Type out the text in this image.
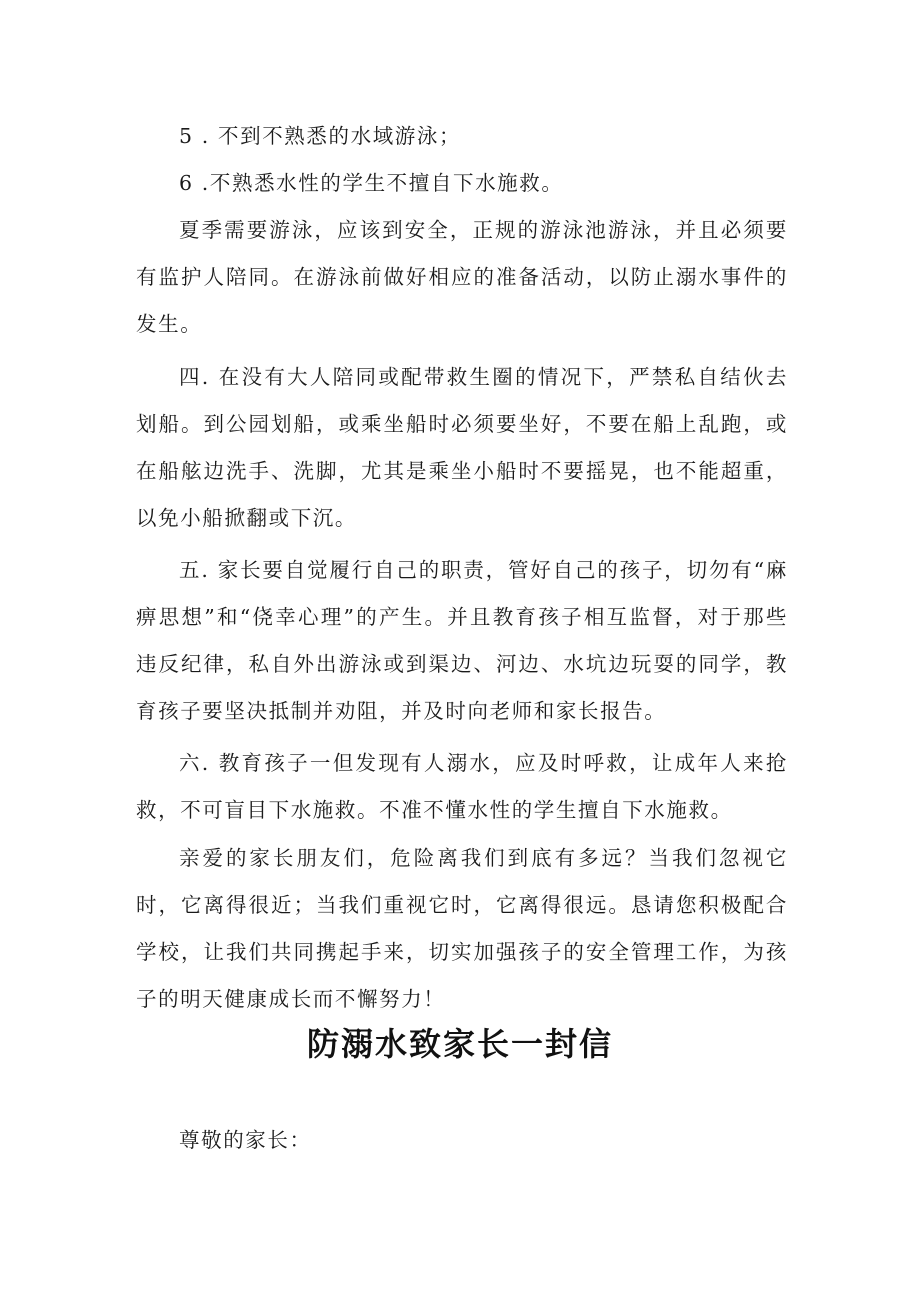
5 . 不到不熟悉的水域游泳；

6 .不熟悉水性的学生不擅自下水施救。

夏季需要游泳，应该到安全，正规的游泳池游泳，并且必须要有监护人陪同。在游泳前做好相应的准备活动，以防止溺水事件的发生。

四. 在没有大人陪同或配带救生圈的情况下，严禁私自结伙去划船。到公园划船，或乘坐船时必须要坐好，不要在船上乱跑，或在船舷边洗手、洗脚，尤其是乘坐小船时不要摇晃，也不能超重，以免小船掀翻或下沉。

五. 家长要自觉履行自己的职责，管好自己的孩子，切勿有“麻痹思想”和“侥幸心理”的产生。并且教育孩子相互监督，对于那些违反纪律，私自外出游泳或到渠边、河边、水坑边玩耍的同学，教育孩子要坚决抵制并劝阻，并及时向老师和家长报告。

六. 教育孩子一但发现有人溺水，应及时呼救，让成年人来抢救，不可盲目下水施救。不准不懂水性的学生擅自下水施救。

亲爱的家长朋友们，危险离我们到底有多远？当我们忽视它时，它离得很近；当我们重视它时，它离得很远。恳请您积极配合学校，让我们共同携起手来，切实加强孩子的安全管理工作，为孩子的明天健康成长而不懈努力！

防溺水致家长一封信

尊敬的家长：
